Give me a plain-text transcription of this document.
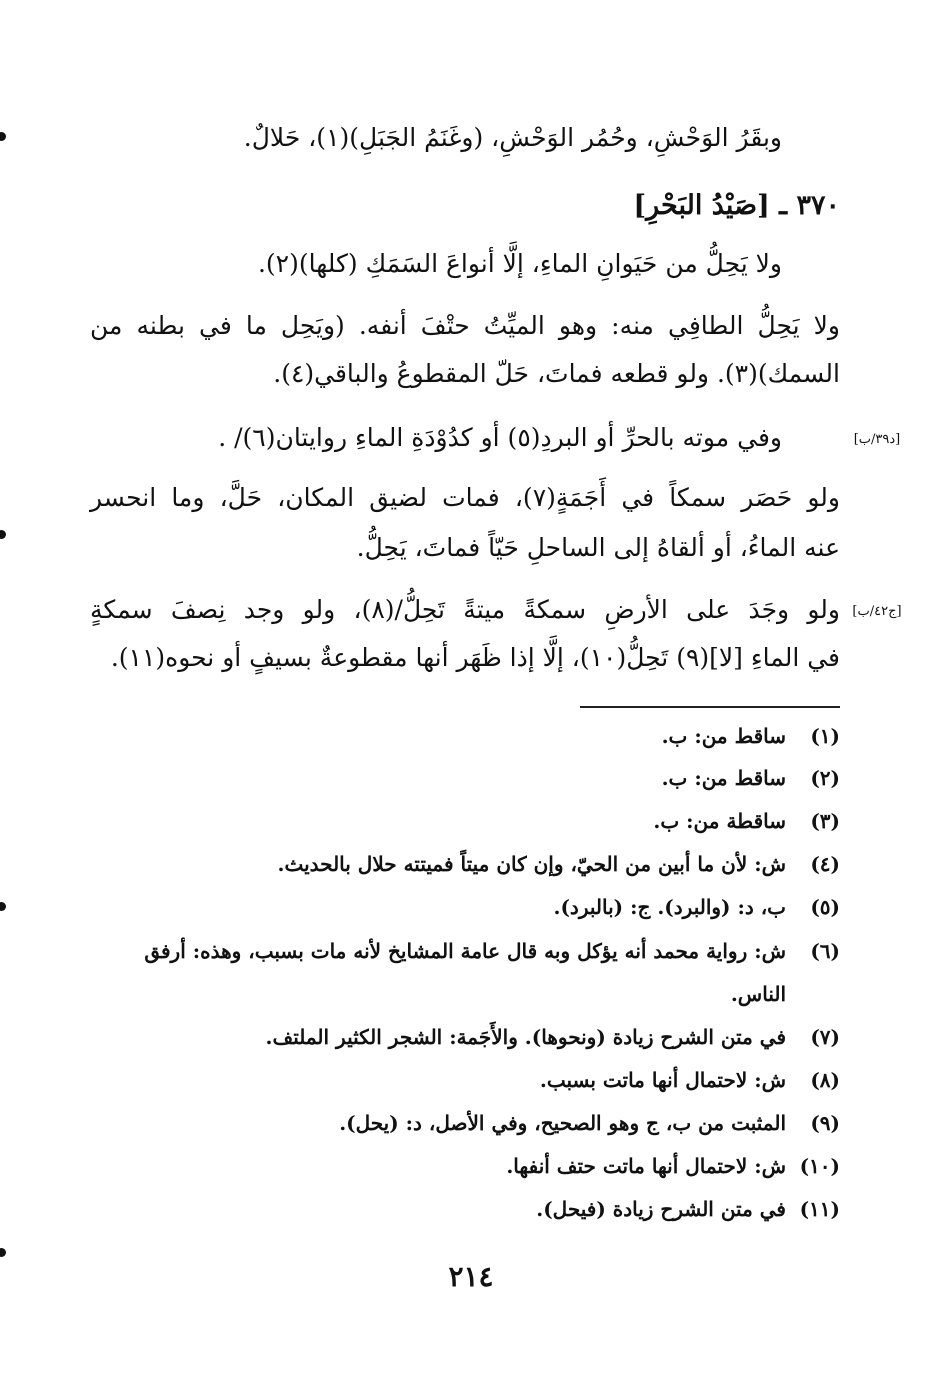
وبقَرُ الوَحْشِ، وحُمُر الوَحْشِ، (وغَنَمُ الجَبَلِ)(١)، حَلالٌ.
٣٧٠ ـ [صَيْدُ البَحْرِ]
ولا يَحِلُّ من حَيَوانِ الماءِ، إلَّا أنواعَ السَمَكِ (كلها)(٢).
ولا يَحِلُّ الطافِي منه: وهو الميِّتُ حتْفَ أنفه. (ويَحِل ما في بطنه من
السمك)(٣). ولو قطعه فماتَ، حَلّ المقطوعُ والباقي(٤).
[د٣٩/ب]
وفي موته بالحرِّ أو البردِ(٥) أو كدُوْدَةِ الماءِ روايتان(٦)/ .
ولو حَصَر سمكاً في أَجَمَةٍ(٧)، فمات لضيق المكان، حَلَّ، وما انحسر
عنه الماءُ، أو ألقاهُ إلى الساحلِ حَيّاً فماتَ، يَحِلُّ.
[ج٤٢/ب]
ولو وجَدَ على الأرضِ سمكةً ميتةً تَحِلُّ/(٨)، ولو وجد نِصفَ سمكةٍ
في الماءِ [لا](٩) تَحِلُّ(١٠)، إلَّا إذا ظَهَر أنها مقطوعةٌ بسيفٍ أو نحوه(١١).
(١)ساقط من: ب.
(٢)ساقط من: ب.
(٣)ساقطة من: ب.
(٤)ش: لأن ما أبين من الحيّ، وإن كان ميتاً فميتته حلال بالحديث.
(٥)ب، د: (والبرد). ج: (بالبرد).
(٦)ش: رواية محمد أنه يؤكل وبه قال عامة المشايخ لأنه مات بسبب، وهذه: أرفق
الناس.
(٧)في متن الشرح زيادة (ونحوها). والأَجَمة: الشجر الكثير الملتف.
(٨)ش: لاحتمال أنها ماتت بسبب.
(٩)المثبت من ب، ج وهو الصحيح، وفي الأصل، د: (يحل).
(١٠)ش: لاحتمال أنها ماتت حتف أنفها.
(١١)في متن الشرح زيادة (فيحل).
٢١٤
